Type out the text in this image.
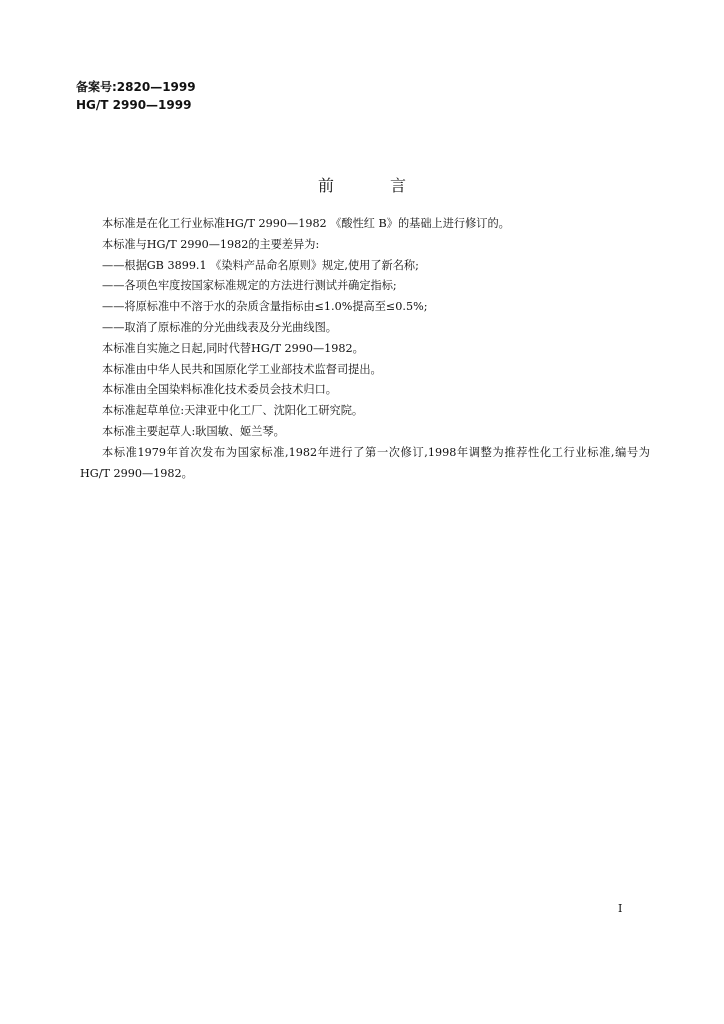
备案号:2820—1999
HG/T 2990—1999
前	言

本标准是在化工行业标准HG/T 2990—1982 《酸性红 B》的基础上进行修订的。

本标准与HG/T 2990—1982的主要差异为:

——根据GB 3899.1 《染料产品命名原则》规定,使用了新名称;

——各项色牢度按国家标准规定的方法进行测试并确定指标;

——将原标准中不溶于水的杂质含量指标由≤1.0%提高至≤0.5%;

——取消了原标准的分光曲线表及分光曲线图。

本标准自实施之日起,同时代替HG/T 2990—1982。

本标准由中华人民共和国原化学工业部技术监督司提出。

本标准由全国染料标准化技术委员会技术归口。

本标准起草单位:天津亚中化工厂、沈阳化工研究院。

本标准主要起草人:耿国敏、姬兰琴。

本标准1979年首次发布为国家标准,1982年进行了第一次修订,1998年调整为推荐性化工行业标准,编号为HG/T 2990—1982。

I
